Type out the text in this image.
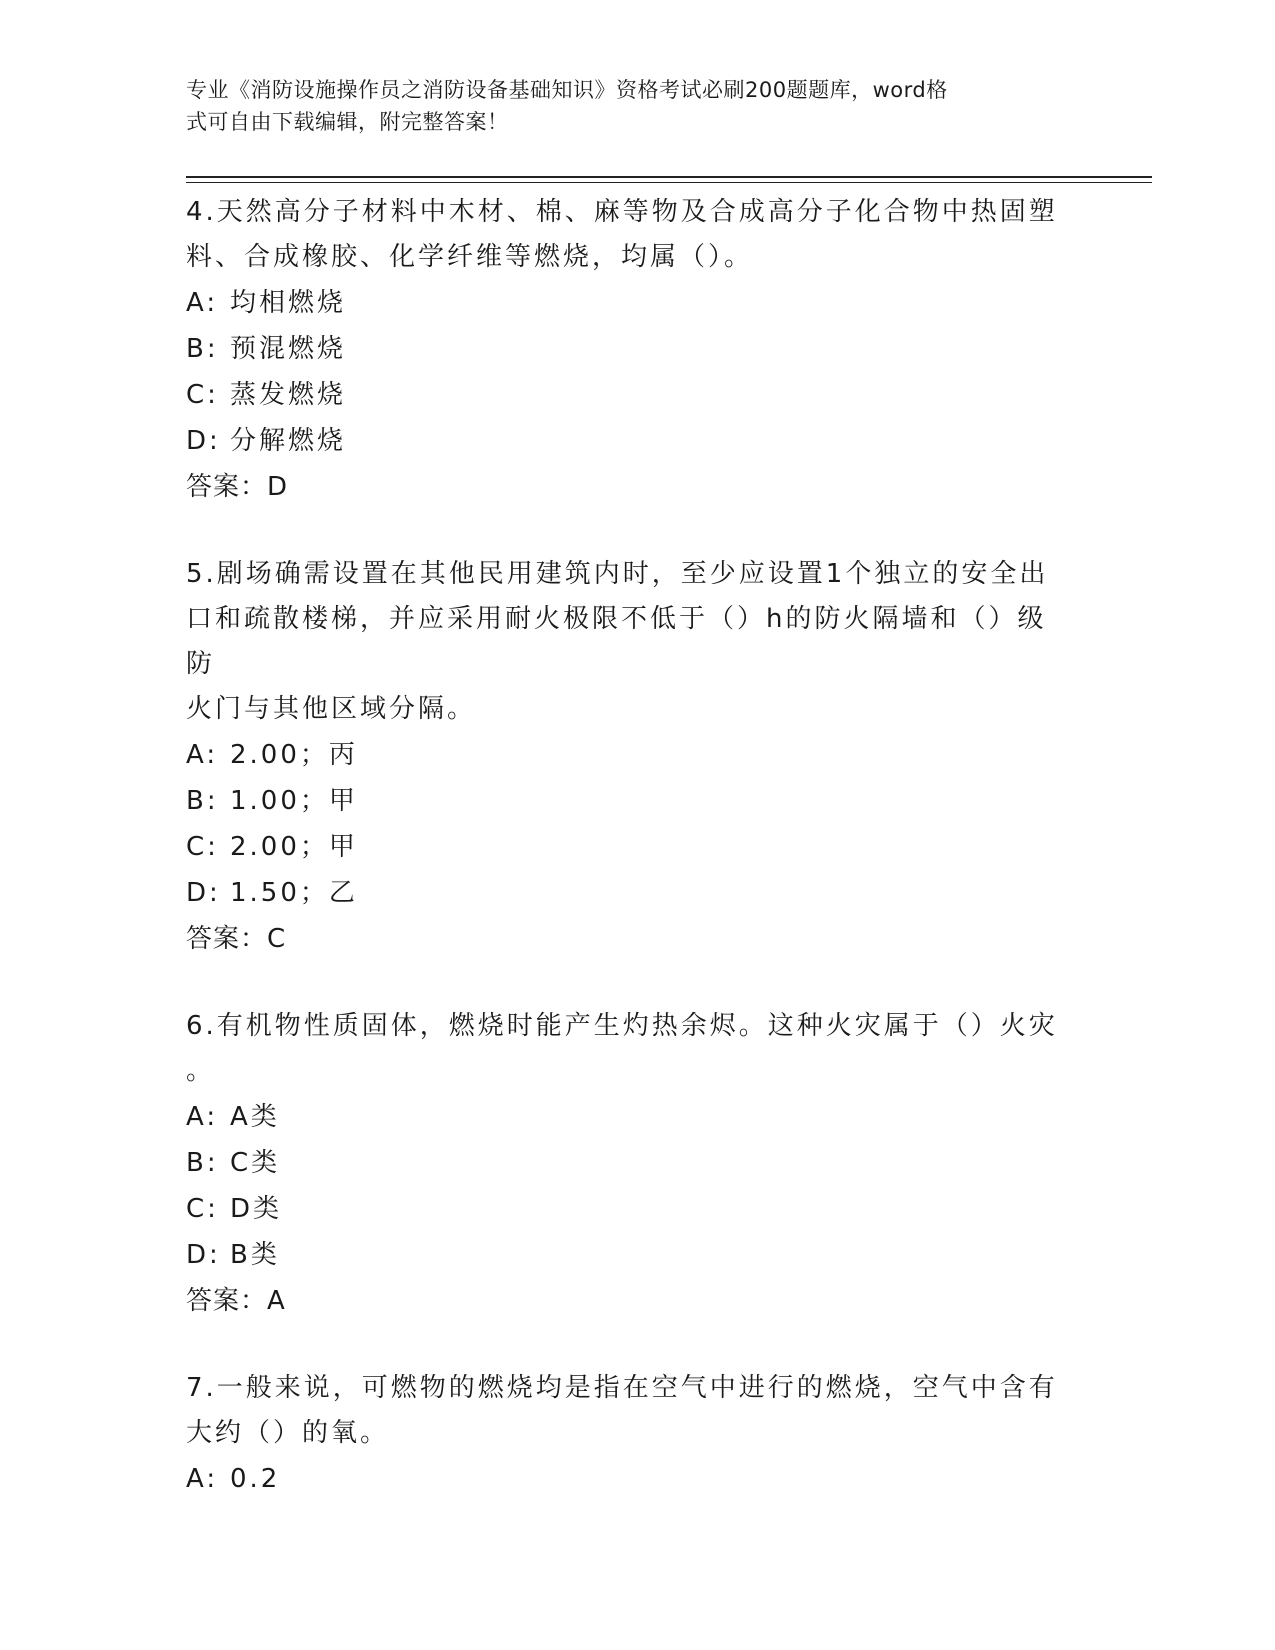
专业《消防设施操作员之消防设备基础知识》资格考试必刷200题题库，word格
式可自由下载编辑，附完整答案！
4.天然高分子材料中木材、棉、麻等物及合成高分子化合物中热固塑
料、合成橡胶、化学纤维等燃烧，均属（）。
A: 均相燃烧
B: 预混燃烧
C: 蒸发燃烧
D: 分解燃烧
答案：D
5.剧场确需设置在其他民用建筑内时，至少应设置1个独立的安全出
口和疏散楼梯，并应采用耐火极限不低于（）h的防火隔墙和（）级防
火门与其他区域分隔。
A: 2.00；丙
B: 1.00；甲
C: 2.00；甲
D: 1.50；乙
答案：C
6.有机物性质固体，燃烧时能产生灼热余烬。这种火灾属于（）火灾
。
A: A类
B: C类
C: D类
D: B类
答案：A
7.一般来说，可燃物的燃烧均是指在空气中进行的燃烧，空气中含有
大约（）的氧。
A: 0.2
